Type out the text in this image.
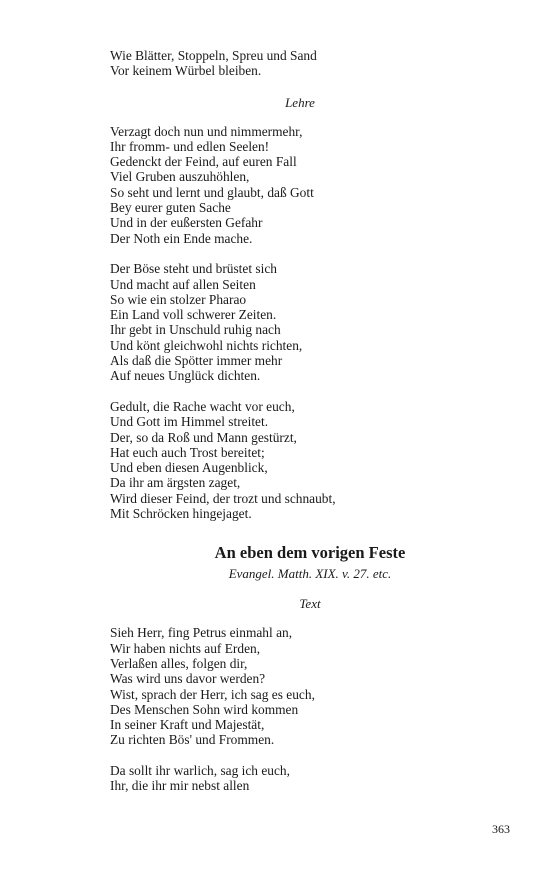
Wie Blätter, Stoppeln, Spreu und Sand
Vor keinem Würbel bleiben.
Lehre
Verzagt doch nun und nimmermehr,
Ihr fromm- und edlen Seelen!
Gedenckt der Feind, auf euren Fall
Viel Gruben auszuhöhlen,
So seht und lernt und glaubt, daß Gott
Bey eurer guten Sache
Und in der eußersten Gefahr
Der Noth ein Ende mache.
Der Böse steht und brüstet sich
Und macht auf allen Seiten
So wie ein stolzer Pharao
Ein Land voll schwerer Zeiten.
Ihr gebt in Unschuld ruhig nach
Und könt gleichwohl nichts richten,
Als daß die Spötter immer mehr
Auf neues Unglück dichten.
Gedult, die Rache wacht vor euch,
Und Gott im Himmel streitet.
Der, so da Roß und Mann gestürzt,
Hat euch auch Trost bereitet;
Und eben diesen Augenblick,
Da ihr am ärgsten zaget,
Wird dieser Feind, der trozt und schnaubt,
Mit Schröcken hingejaget.
An eben dem vorigen Feste
Evangel. Matth. XIX. v. 27. etc.
Text
Sieh Herr, fing Petrus einmahl an,
Wir haben nichts auf Erden,
Verlaßen alles, folgen dir,
Was wird uns davor werden?
Wist, sprach der Herr, ich sag es euch,
Des Menschen Sohn wird kommen
In seiner Kraft und Majestät,
Zu richten Bös' und Frommen.
Da sollt ihr warlich, sag ich euch,
Ihr, die ihr mir nebst allen
363
